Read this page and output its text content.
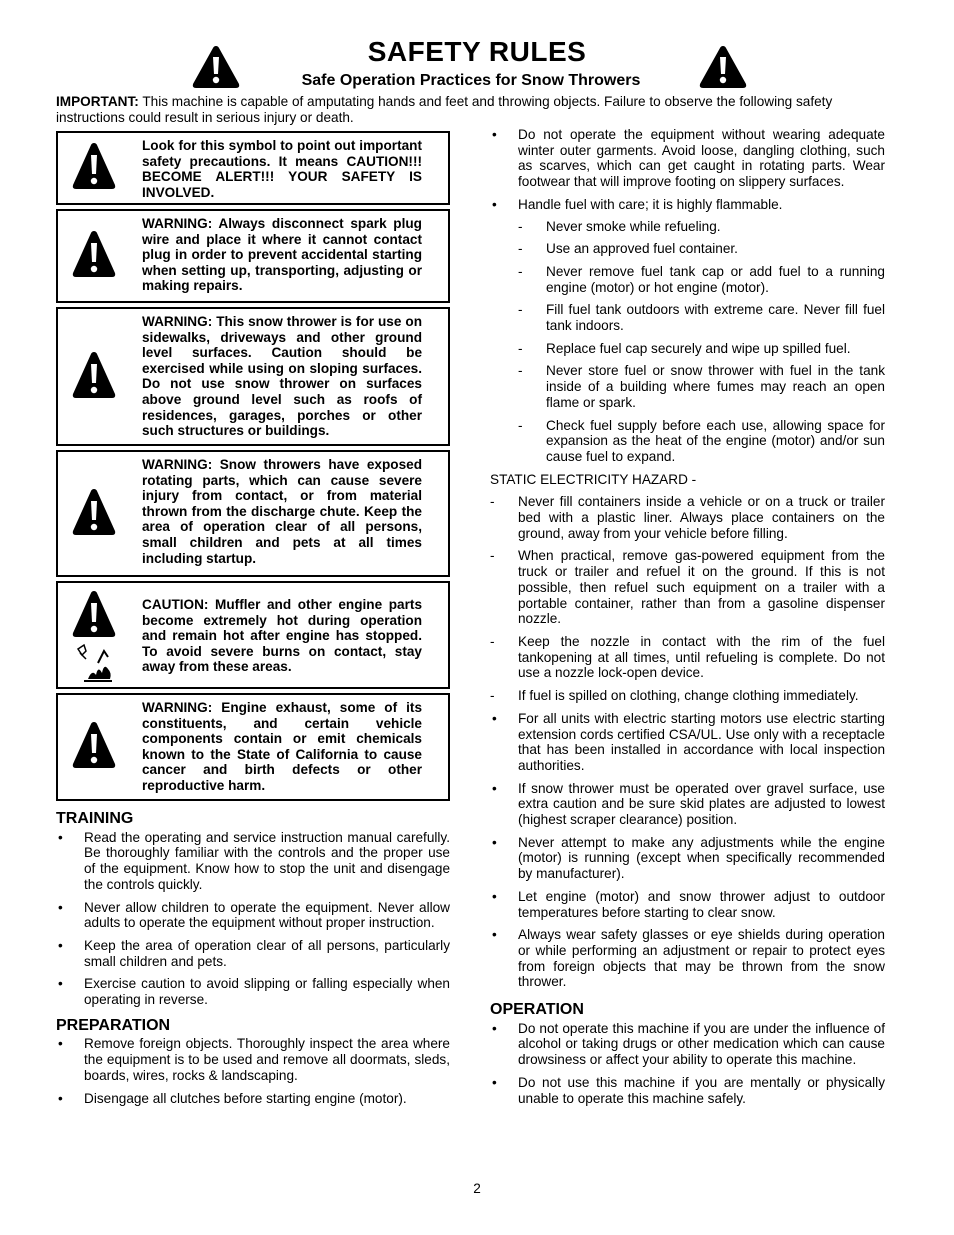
SAFETY RULES
Safe Operation Practices for Snow Throwers
IMPORTANT: This machine is capable of amputating hands and feet and throwing objects. Failure to observe the following safety instructions could result in serious injury or death.
Look for this symbol to point out important safety precautions. It means CAUTION!!! BECOME ALERT!!! YOUR SAFETY IS INVOLVED.
WARNING: Always disconnect spark plug wire and place it where it cannot contact plug in order to prevent accidental starting when setting up, transporting, adjusting or making repairs.
WARNING: This snow thrower is for use on sidewalks, driveways and other ground level surfaces. Caution should be exercised while using on sloping surfaces. Do not use snow thrower on surfaces above ground level such as roofs of residences, garages, porches or other such structures or buildings.
WARNING: Snow throwers have exposed rotating parts, which can cause severe injury from contact, or from material thrown from the discharge chute. Keep the area of operation clear of all persons, small children and pets at all times including startup.
CAUTION: Muffler and other engine parts become extremely hot during operation and remain hot after engine has stopped. To avoid severe burns on contact, stay away from these areas.
WARNING: Engine exhaust, some of its constituents, and certain vehicle components contain or emit chemicals known to the State of California to cause cancer and birth defects or other reproductive harm.
TRAINING
• Read the operating and service instruction manual carefully. Be thoroughly familiar with the controls and the proper use of the equipment. Know how to stop the unit and disengage the controls quickly.
• Never allow children to operate the equipment. Never allow adults to operate the equipment without proper instruction.
• Keep the area of operation clear of all persons, particularly small children and pets.
• Exercise caution to avoid slipping or falling especially when operating in reverse.
PREPARATION
• Remove foreign objects. Thoroughly inspect the area where the equipment is to be used and remove all doormats, sleds, boards, wires, rocks & landscaping.
• Disengage all clutches before starting engine (motor).
• Do not operate the equipment without wearing adequate winter outer garments. Avoid loose, dangling clothing, such as scarves, which can get caught in rotating parts. Wear footwear that will improve footing on slippery surfaces.
• Handle fuel with care; it is highly flammable.
- Never smoke while refueling.
- Use an approved fuel container.
- Never remove fuel tank cap or add fuel to a running engine (motor) or hot engine (motor).
- Fill fuel tank outdoors with extreme care. Never fill fuel tank indoors.
- Replace fuel cap securely and wipe up spilled fuel.
- Never store fuel or snow thrower with fuel in the tank inside of a building where fumes may reach an open flame or spark.
- Check fuel supply before each use, allowing space for expansion as the heat of the engine (motor) and/or sun cause fuel to expand.
STATIC ELECTRICITY HAZARD -
- Never fill containers inside a vehicle or on a truck or trailer bed with a plastic liner. Always place containers on the ground, away from your vehicle before filling.
- When practical, remove gas-powered equipment from the truck or trailer and refuel it on the ground. If this is not possible, then refuel such equipment on a trailer with a portable container, rather than from a gasoline dispenser nozzle.
- Keep the nozzle in contact with the rim of the fuel tankopening at all times, until refueling is complete. Do not use a nozzle lock-open device.
- If fuel is spilled on clothing, change clothing immediately.
• For all units with electric starting motors use electric starting extension cords certified CSA/UL. Use only with a receptacle that has been installed in accordance with local inspection authorities.
• If snow thrower must be operated over gravel surface, use extra caution and be sure skid plates are adjusted to lowest (highest scraper clearance) position.
• Never attempt to make any adjustments while the engine (motor) is running (except when specifically recommended by manufacturer).
• Let engine (motor) and snow thrower adjust to outdoor temperatures before starting to clear snow.
• Always wear safety glasses or eye shields during operation or while performing an adjustment or repair to protect eyes from foreign objects that may be thrown from the snow thrower.
OPERATION
• Do not operate this machine if you are under the influence of alcohol or taking drugs or other medication which can cause drowsiness or affect your ability to operate this machine.
• Do not use this machine if you are mentally or physically unable to operate this machine safely.
2
